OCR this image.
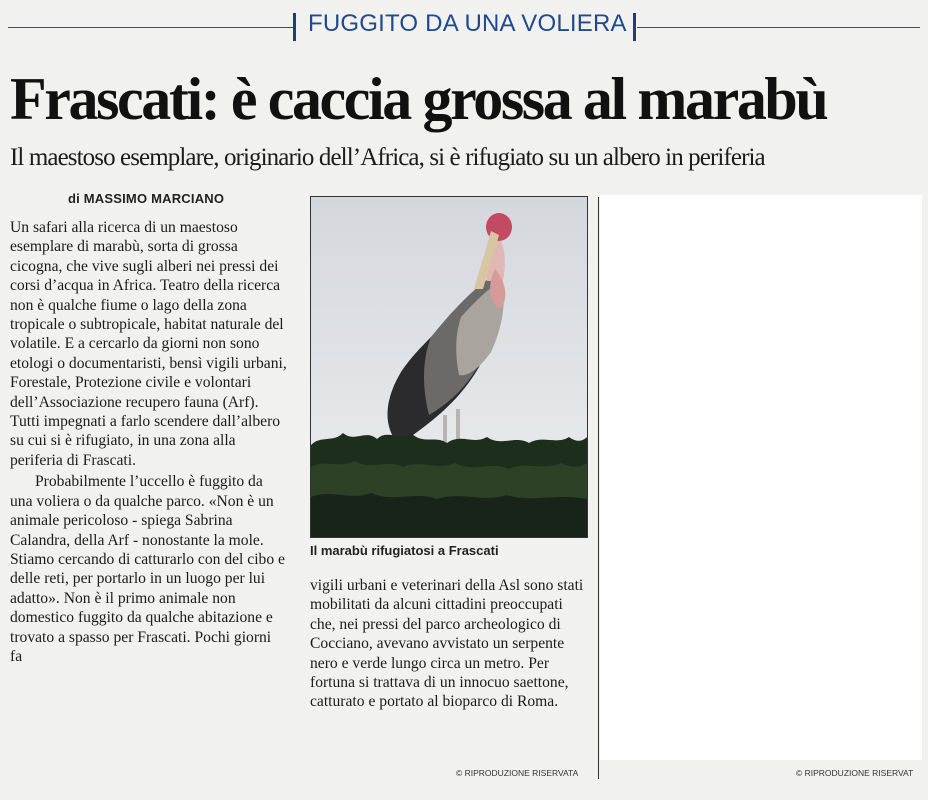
FUGGITO DA UNA VOLIERA
Frascati: è caccia grossa al marabù
Il maestoso esemplare, originario dell’Africa, si è rifugiato su un albero in periferia
di MASSIMO MARCIANO

Un safari alla ricerca di un maestoso esemplare di marabù, sorta di grossa cicogna, che vive sugli alberi nei pressi dei corsi d’acqua in Africa. Teatro della ricerca non è qualche fiume o lago della zona tropicale o subtropicale, habitat naturale del volatile. E a cercarlo da giorni non sono etologi o documentaristi, bensì vigili urbani, Forestale, Protezione civile e volontari dell’Associazione recupero fauna (Arf). Tutti impegnati a farlo scendere dall’albero su cui si è rifugiato, in una zona alla periferia di Frascati.

Probabilmente l’uccello è fuggito da una voliera o da qualche parco. «Non è un animale pericoloso - spiega Sabrina Calandra, della Arf - nonostante la mole. Stiamo cercando di catturarlo con del cibo e delle reti, per portarlo in un luogo per lui adatto». Non è il primo animale non domestico fuggito da qualche abitazione e trovato a spasso per Frascati. Pochi giorni fa

Il marabù rifugiatosi a Frascati

vigili urbani e veterinari della Asl sono stati mobilitati da alcuni cittadini preoccupati che, nei pressi del parco archeologico di Cocciano, avevano avvistato un serpente nero e verde lungo circa un metro. Per fortuna si trattava di un innocuo saettone, catturato e portato al bioparco di Roma.

© RIPRODUZIONE RISERVATA	© RIPRODUZIONE RISERVAT
